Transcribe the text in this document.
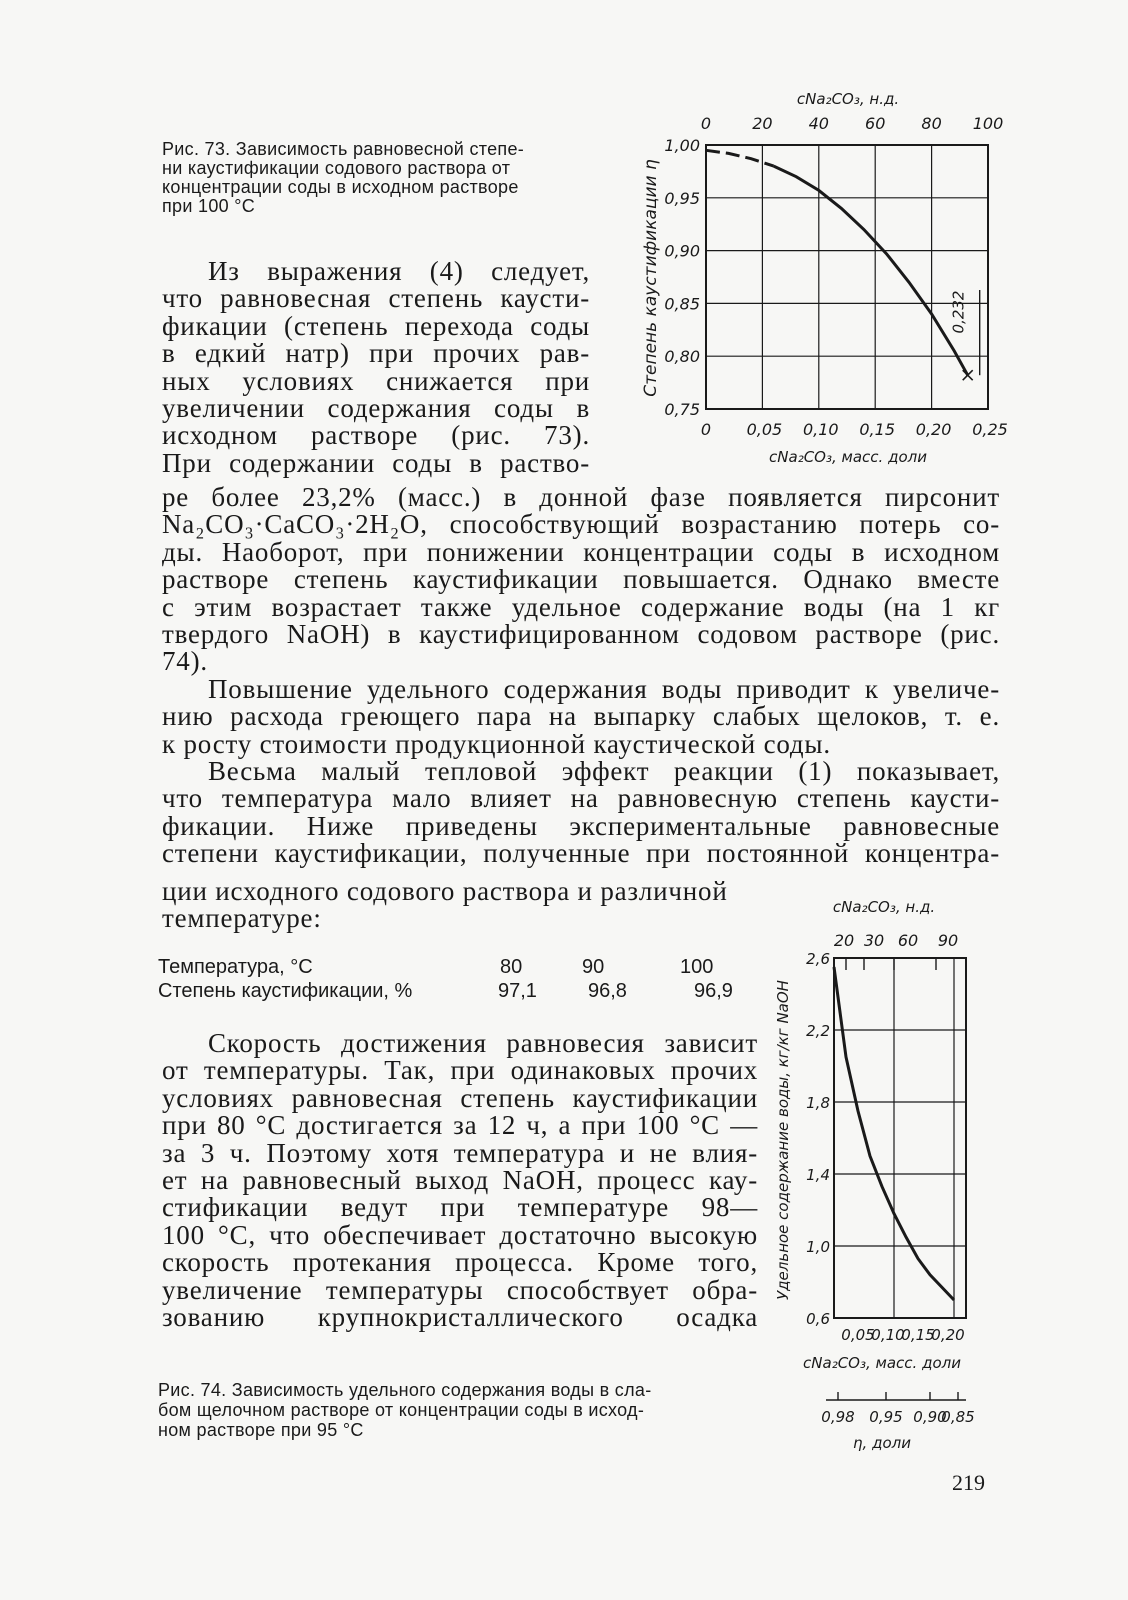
Рис. 73. Зависимость равновесной степе-
ни каустификации содового раствора от
концентрации соды в исходном растворе
при 100 °С
Из выражения (4) следует,
что равновесная степень каусти-
фикации (степень перехода соды
в едкий натр) при прочих рав-
ных условиях снижается при
увеличении содержания соды в
исходном растворе (рис. 73).
При содержании соды в раство-
ре более 23,2% (масс.) в донной фазе появляется пирсонит
Na₂CO₃·CaCO₃·2H₂O, способствующий возрастанию потерь со-
ды. Наоборот, при понижении концентрации соды в исходном
растворе степень каустификации повышается. Однако вместе
с этим возрастает также удельное содержание воды (на 1 кг
твердого NaOH) в каустифицированном содовом растворе (рис.
74).
Повышение удельного содержания воды приводит к увеличе-
нию расхода греющего пара на выпарку слабых щелоков, т. е.
к росту стоимости продукционной каустической соды.
Весьма малый тепловой эффект реакции (1) показывает,
что температура мало влияет на равновесную степень каусти-
фикации. Ниже приведены экспериментальные равновесные
степени каустификации, полученные при постоянной концентра-
ции исходного содового раствора и различной
температуре:
Температура, °С	80	90	100
Степень каустификации, %	97,1	96,8	96,9
Скорость достижения равновесия зависит
от температуры. Так, при одинаковых прочих
условиях равновесная степень каустификации
при 80 °С достигается за 12 ч, а при 100 °С —
за 3 ч. Поэтому хотя температура и не влия-
ет на равновесный выход NaOH, процесс кау-
стификации ведут при температуре 98—
100 °С, что обеспечивает достаточно высокую
скорость протекания процесса. Кроме того,
увеличение температуры способствует обра-
зованию крупнокристаллического осадка
Рис. 74. Зависимость удельного содержания воды в сла-
бом щелочном растворе от концентрации соды в исход-
ном растворе при 95 °С
219
1,00
0,95
0,90
0,85
0,80
0,75
0 0,05 0,10 0,15 0,20 0,25
0	20 40 60 80 100
cNa₂CO₃, н.д.
cNa₂CO₃, масс. доли
Степень каустификации η	0,232
2,6
2,2
1,8
1,4
1,0
0,6
0,05
0,10
0,15
0,20
20 30 60 90
cNa₂CO₃, н.д.
cNa₂CO₃, масс. доли
Удельное содержание воды, кг/кг NaOH
0,98 0,95 0,90
0,85
η, доли
